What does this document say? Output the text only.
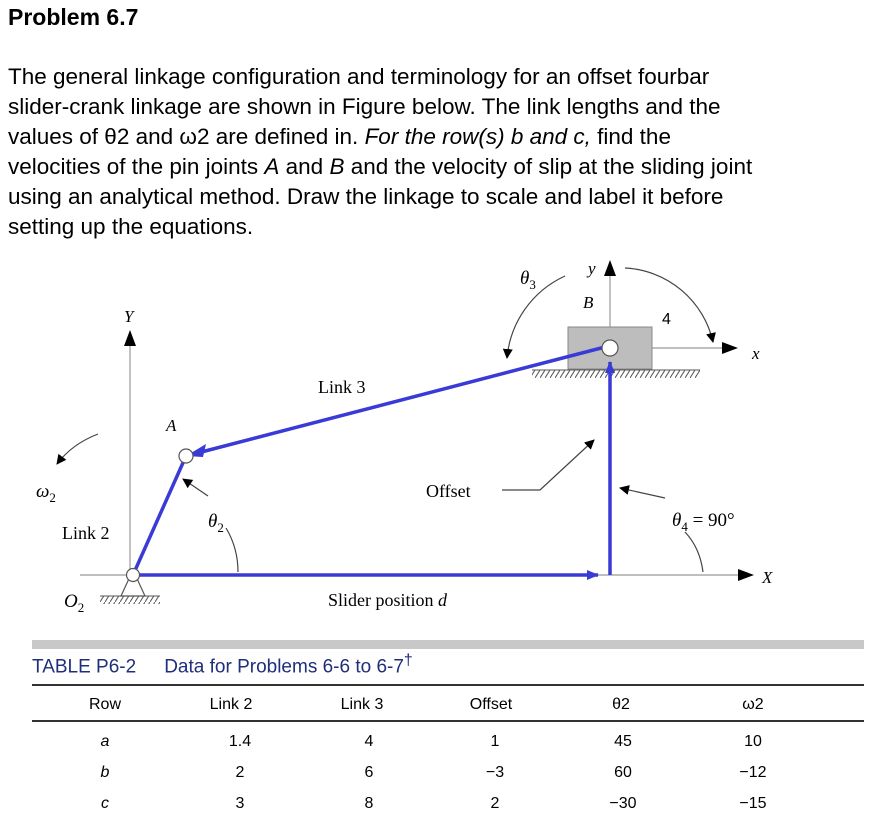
Problem 6.7
The general linkage configuration and terminology for an offset fourbar
slider-crank linkage are shown in Figure below. The link lengths and the
values of θ2 and ω2 are defined in. For the row(s) b and c, find the
velocities of the pin joints A and B and the velocity of slip at the sliding joint
using an analytical method. Draw the linkage to scale and label it before
setting up the equations.
Y
X
y
x
B
$\theta_3$
4
A
Link 3
$\omega_2$
$\theta_2$
Link 2
$O_2$
Offset
$\theta_4 = 90^\circ$
Slider position d
TABLE P6-2 Data for Problems 6-6 to 6-7†
Row	Link 2	Link 3	Offset	θ2	ω2
a	1.4	4	1	45	10
b	2	6	−3	60	−12
c	3	8	2	−30	−15
